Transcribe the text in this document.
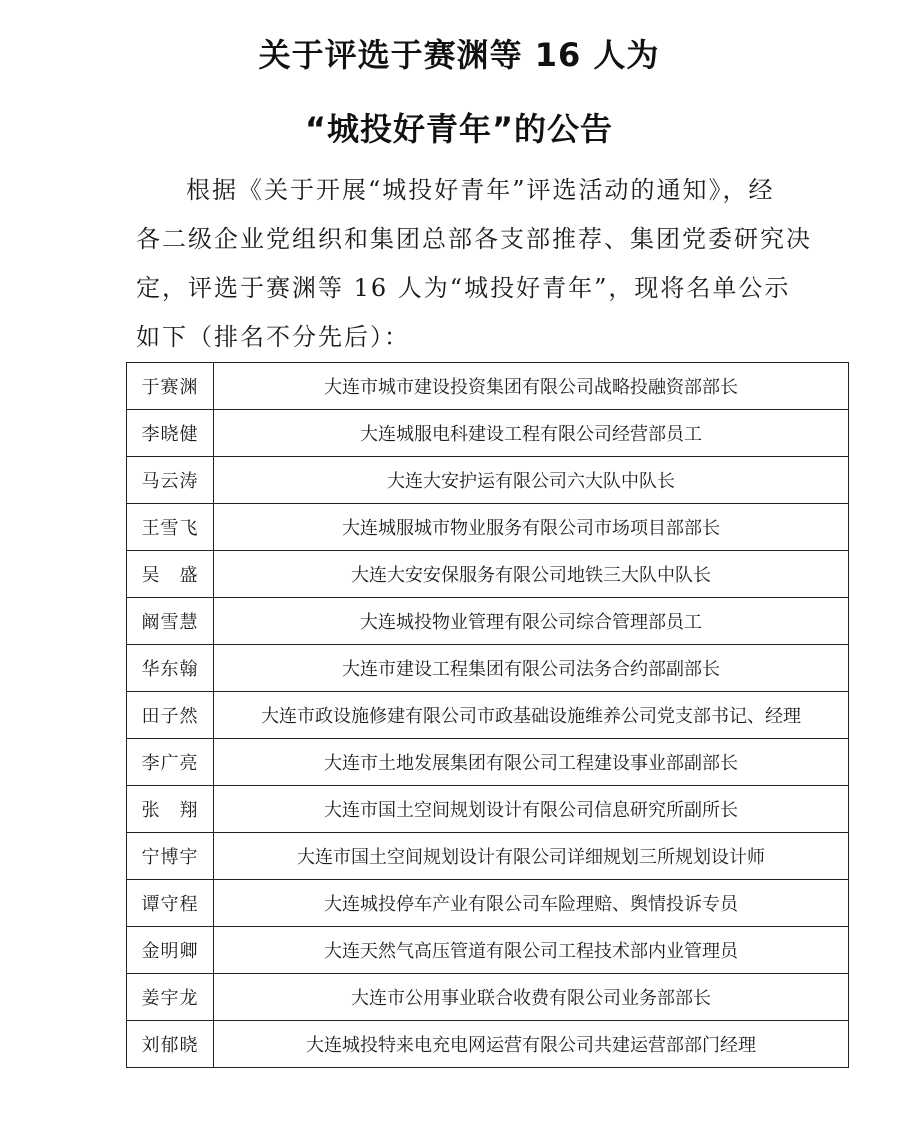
关于评选于赛渊等 16 人为
“城投好青年”的公告
根据《关于开展“城投好青年”评选活动的通知》，经
各二级企业党组织和集团总部各支部推荐、集团党委研究决
定，评选于赛渊等 16 人为“城投好青年”，现将名单公示
如下（排名不分先后）：
于赛渊	大连市城市建设投资集团有限公司战略投融资部部长
李晓健	大连城服电科建设工程有限公司经营部员工
马云涛	大连大安护运有限公司六大队中队长
王雪飞	大连城服城市物业服务有限公司市场项目部部长
吴　盛	大连大安安保服务有限公司地铁三大队中队长
阚雪慧	大连城投物业管理有限公司综合管理部员工
华东翰	大连市建设工程集团有限公司法务合约部副部长
田子然	大连市政设施修建有限公司市政基础设施维养公司党支部书记、经理
李广亮	大连市土地发展集团有限公司工程建设事业部副部长
张　翔	大连市国土空间规划设计有限公司信息研究所副所长
宁博宇	大连市国土空间规划设计有限公司详细规划三所规划设计师
谭守程	大连城投停车产业有限公司车险理赔、舆情投诉专员
金明卿	大连天然气高压管道有限公司工程技术部内业管理员
姜宇龙	大连市公用事业联合收费有限公司业务部部长
刘郁晓	大连城投特来电充电网运营有限公司共建运营部部门经理
